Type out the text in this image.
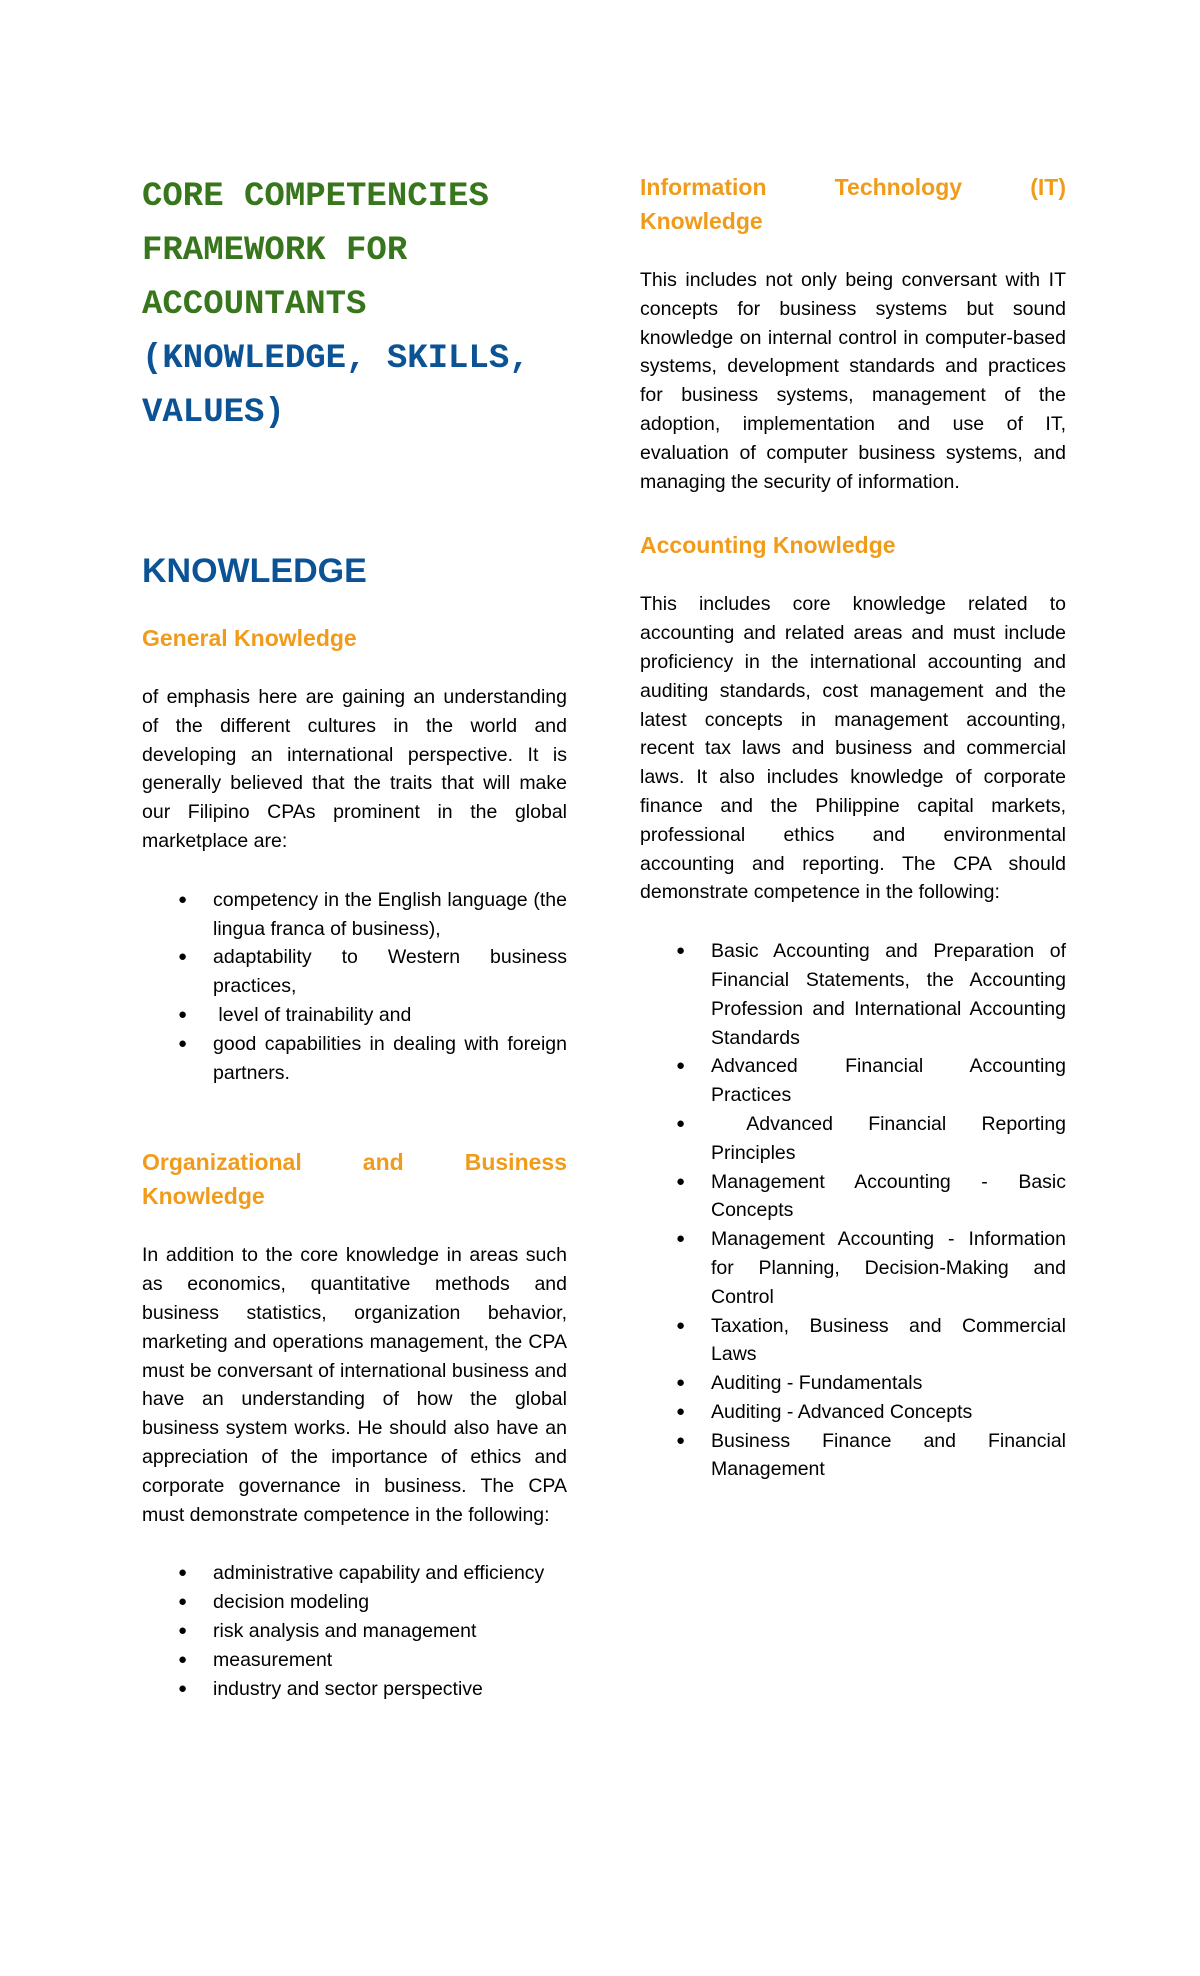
CORE COMPETENCIES
FRAMEWORK FOR
ACCOUNTANTS
(KNOWLEDGE, SKILLS,
VALUES)
KNOWLEDGE
General Knowledge

of emphasis here are gaining an understanding of the different cultures in the world and developing an international perspective. It is generally believed that the traits that will make our Filipino CPAs prominent in the global marketplace are:

● competency in the English language (the lingua franca of business),
● adaptability to Western business practices,
● level of trainability and
● good capabilities in dealing with foreign partners.
Organizational and Business Knowledge

In addition to the core knowledge in areas such as economics, quantitative methods and business statistics, organization behavior, marketing and operations management, the CPA must be conversant of international business and have an understanding of how the global business system works. He should also have an appreciation of the importance of ethics and corporate governance in business. The CPA must demonstrate competence in the following:

● administrative capability and efficiency
● decision modeling
● risk analysis and management
● measurement
● industry and sector perspective
Information Technology (IT) Knowledge

This includes not only being conversant with IT concepts for business systems but sound knowledge on internal control in computer-based systems, development standards and practices for business systems, management of the adoption, implementation and use of IT, evaluation of computer business systems, and managing the security of information.

Accounting Knowledge

This includes core knowledge related to accounting and related areas and must include proficiency in the international accounting and auditing standards, cost management and the latest concepts in management accounting, recent tax laws and business and commercial laws. It also includes knowledge of corporate finance and the Philippine capital markets, professional ethics and environmental accounting and reporting. The CPA should demonstrate competence in the following:

● Basic Accounting and Preparation of Financial Statements, the Accounting Profession and International Accounting Standards
● Advanced Financial Accounting Practices
● Advanced Financial Reporting Principles
● Management Accounting - Basic Concepts
● Management Accounting - Information for Planning, Decision-Making and Control
● Taxation, Business and Commercial Laws
● Auditing - Fundamentals
● Auditing - Advanced Concepts
● Business Finance and Financial Management
